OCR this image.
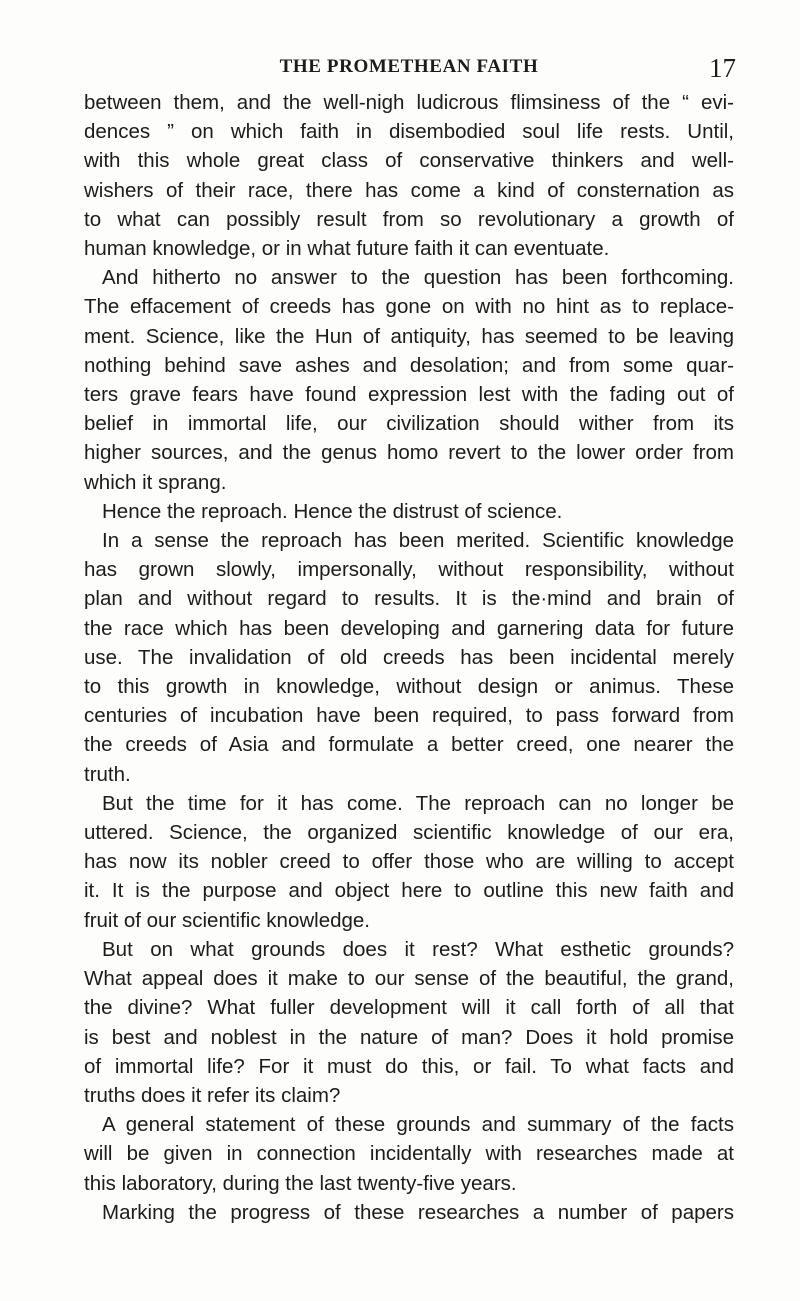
THE PROMETHEAN FAITH	17
between them, and the well-nigh ludicrous flimsiness of the “ evi-
dences ” on which faith in disembodied soul life rests. Until,
with this whole great class of conservative thinkers and well-
wishers of their race, there has come a kind of consternation as
to what can possibly result from so revolutionary a growth of
human knowledge, or in what future faith it can eventuate.
And hitherto no answer to the question has been forthcoming.
The effacement of creeds has gone on with no hint as to replace-
ment. Science, like the Hun of antiquity, has seemed to be leaving
nothing behind save ashes and desolation; and from some quar-
ters grave fears have found expression lest with the fading out of
belief in immortal life, our civilization should wither from its
higher sources, and the genus homo revert to the lower order from
which it sprang.
Hence the reproach. Hence the distrust of science.
In a sense the reproach has been merited. Scientific knowledge
has grown slowly, impersonally, without responsibility, without
plan and without regard to results. It is the·mind and brain of
the race which has been developing and garnering data for future
use. The invalidation of old creeds has been incidental merely
to this growth in knowledge, without design or animus. These
centuries of incubation have been required, to pass forward from
the creeds of Asia and formulate a better creed, one nearer the
truth.
But the time for it has come. The reproach can no longer be
uttered. Science, the organized scientific knowledge of our era,
has now its nobler creed to offer those who are willing to accept
it. It is the purpose and object here to outline this new faith and
fruit of our scientific knowledge.
But on what grounds does it rest? What esthetic grounds?
What appeal does it make to our sense of the beautiful, the grand,
the divine? What fuller development will it call forth of all that
is best and noblest in the nature of man? Does it hold promise
of immortal life? For it must do this, or fail. To what facts and
truths does it refer its claim?
A general statement of these grounds and summary of the facts
will be given in connection incidentally with researches made at
this laboratory, during the last twenty-five years.
Marking the progress of these researches a number of papers
